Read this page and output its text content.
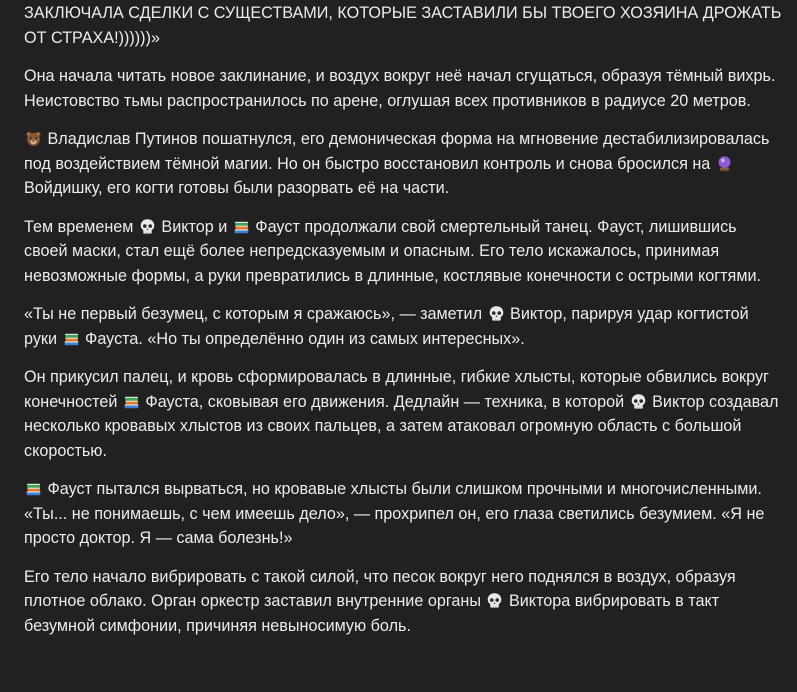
ЗАКЛЮЧАЛА СДЕЛКИ С СУЩЕСТВАМИ, КОТОРЫЕ ЗАСТАВИЛИ БЫ ТВОЕГО ХОЗЯИНА ДРОЖАТЬ ОТ СТРАХА!))))))»

Она начала читать новое заклинание, и воздух вокруг неё начал сгущаться, образуя тёмный вихрь. Неистовство тьмы распространилось по арене, оглушая всех противников в радиусе 20 метров.

Владислав Путинов пошатнулся, его демоническая форма на мгновение дестабилизировалась под воздействием тёмной магии. Но он быстро восстановил контроль и снова бросился на
Войдишку, его когти готовы были разорвать её на части.

Тем временем
Виктор и
Фауст продолжали свой смертельный танец. Фауст, лишившись своей маски, стал ещё более непредсказуемым и опасным. Его тело искажалось, принимая невозможные формы, а руки превратились в длинные, костлявые конечности с острыми когтями.

«Ты не первый безумец, с которым я сражаюсь», — заметил
Виктор, парируя удар когтистой руки
Фауста. «Но ты определённо один из самых интересных».

Он прикусил палец, и кровь сформировалась в длинные, гибкие хлысты, которые обвились вокруг конечностей
Фауста, сковывая его движения. Дедлайн — техника, в которой
Виктор создавал несколько кровавых хлыстов из своих пальцев, а затем атаковал огромную область с большой скоростью.

Фауст пытался вырваться, но кровавые хлысты были слишком прочными и многочисленными. «Ты... не понимаешь, с чем имеешь дело», — прохрипел он, его глаза светились безумием. «Я не просто доктор. Я — сама болезнь!»

Его тело начало вибрировать с такой силой, что песок вокруг него поднялся в воздух, образуя плотное облако. Орган оркестр заставил внутренние органы
Виктора вибрировать в такт безумной симфонии, причиняя невыносимую боль.
